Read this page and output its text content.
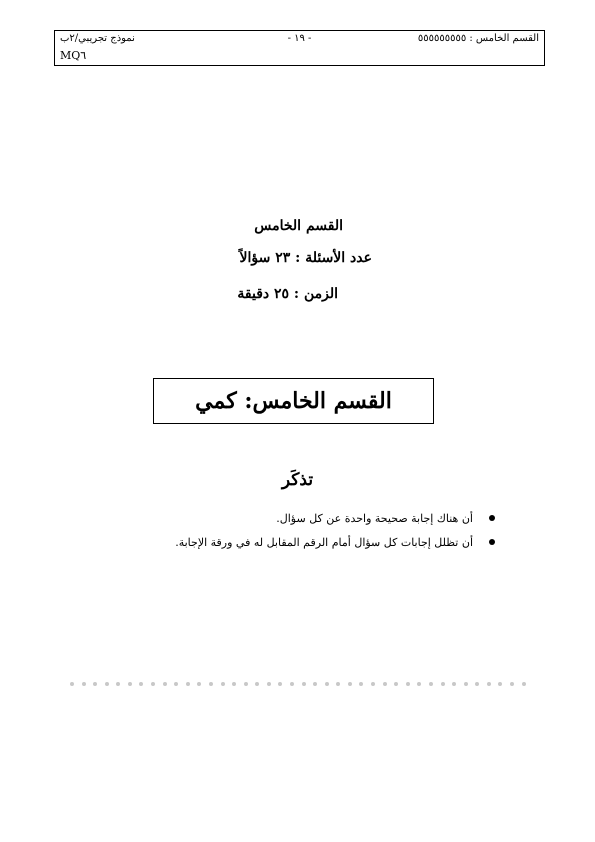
القسم الخامس : ٥٥٥٥٥٥٥٥٥
- ١٩ -
نموذج تجريبي/٢ب
MQ٦
القسم الخامس
عدد الأسئلة : ٢٣ سؤالاً
الزمن : ٢٥ دقيقة
القسم الخامس: كمي
تذكَر
أن هناك إجابة صحيحة واحدة عن كل سؤال.
أن تظلل إجابات كل سؤال أمام الرقم المقابل له في ورقة الإجابة.
